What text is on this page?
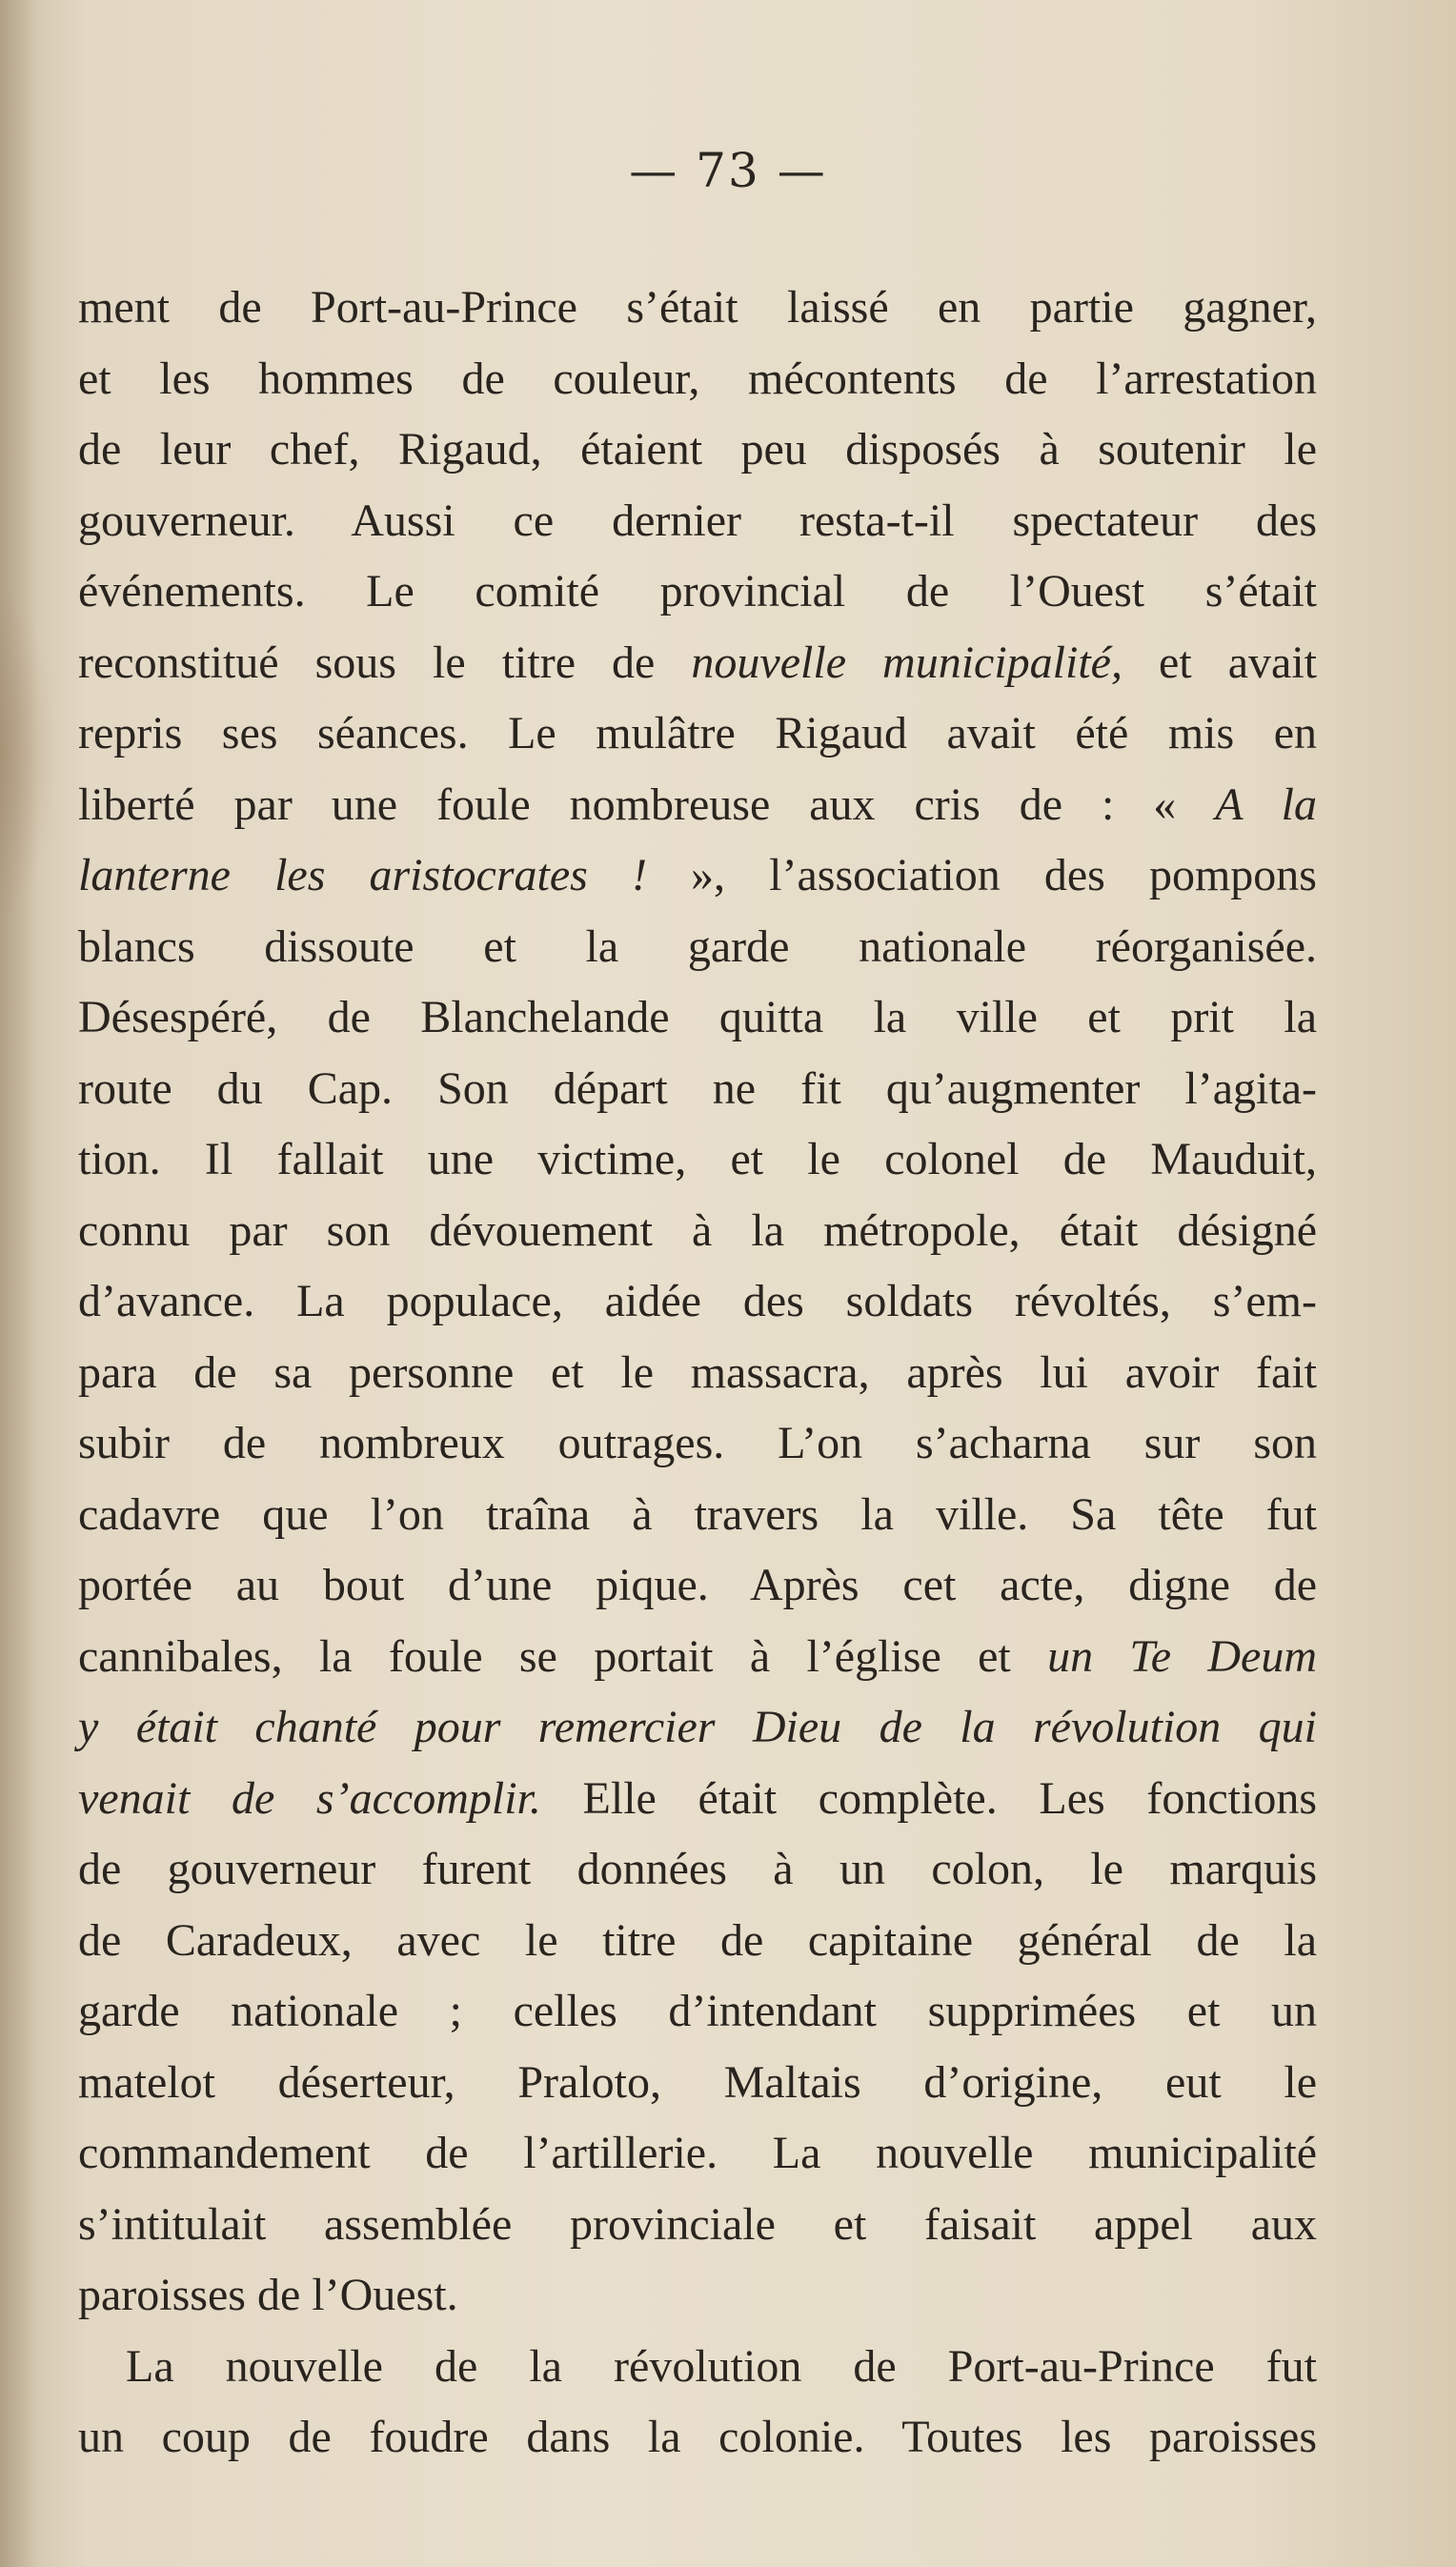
— 73 —
ment de Port-au-Prince s’était laissé en partie gagner,
et les hommes de couleur, mécontents de l’arrestation
de leur chef, Rigaud, étaient peu disposés à soutenir le
gouverneur. Aussi ce dernier resta-t-il spectateur des
événements. Le comité provincial de l’Ouest s’était
reconstitué sous le titre de nouvelle municipalité, et avait
repris ses séances. Le mulâtre Rigaud avait été mis en
liberté par une foule nombreuse aux cris de : « A la
lanterne les aristocrates ! », l’association des pompons
blancs dissoute et la garde nationale réorganisée.
Désespéré, de Blanchelande quitta la ville et prit la
route du Cap. Son départ ne fit qu’augmenter l’agita-
tion. Il fallait une victime, et le colonel de Mauduit,
connu par son dévouement à la métropole, était désigné
d’avance. La populace, aidée des soldats révoltés, s’em-
para de sa personne et le massacra, après lui avoir fait
subir de nombreux outrages. L’on s’acharna sur son
cadavre que l’on traîna à travers la ville. Sa tête fut
portée au bout d’une pique. Après cet acte, digne de
cannibales, la foule se portait à l’église et un Te Deum
y était chanté pour remercier Dieu de la révolution qui
venait de s’accomplir. Elle était complète. Les fonctions
de gouverneur furent données à un colon, le marquis
de Caradeux, avec le titre de capitaine général de la
garde nationale ; celles d’intendant supprimées et un
matelot déserteur, Praloto, Maltais d’origine, eut le
commandement de l’artillerie. La nouvelle municipalité
s’intitulait assemblée provinciale et faisait appel aux
paroisses de l’Ouest.
La nouvelle de la révolution de Port-au-Prince fut
un coup de foudre dans la colonie. Toutes les paroisses
